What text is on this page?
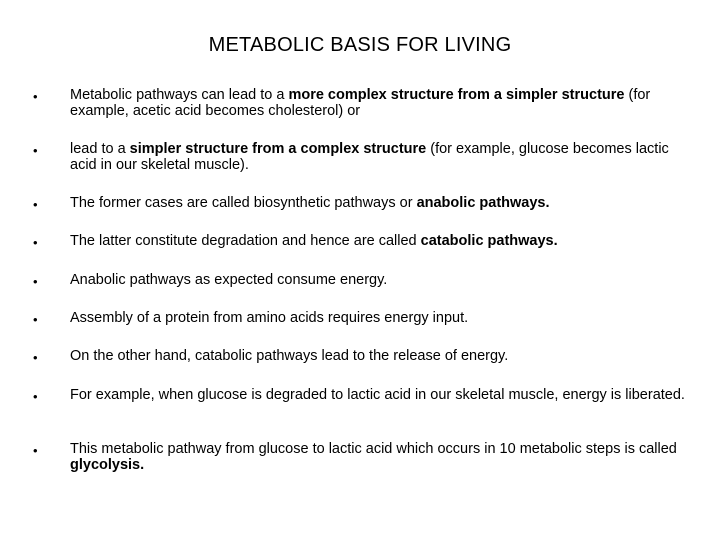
METABOLIC BASIS FOR LIVING
• Metabolic pathways can lead to a more complex structure from a simpler structure (for example, acetic acid becomes cholesterol) or
• lead to a simpler structure from a complex structure (for example, glucose becomes lactic acid in our skeletal muscle).
• The former cases are called biosynthetic pathways or anabolic pathways.
• The latter constitute degradation and hence are called catabolic pathways.
• Anabolic pathways as expected consume energy.
• Assembly of a protein from amino acids requires energy input.
• On the other hand, catabolic pathways lead to the release of energy.
• For example, when glucose is degraded to lactic acid in our skeletal muscle, energy is liberated.
• This metabolic pathway from glucose to lactic acid which occurs in 10 metabolic steps is called glycolysis.
